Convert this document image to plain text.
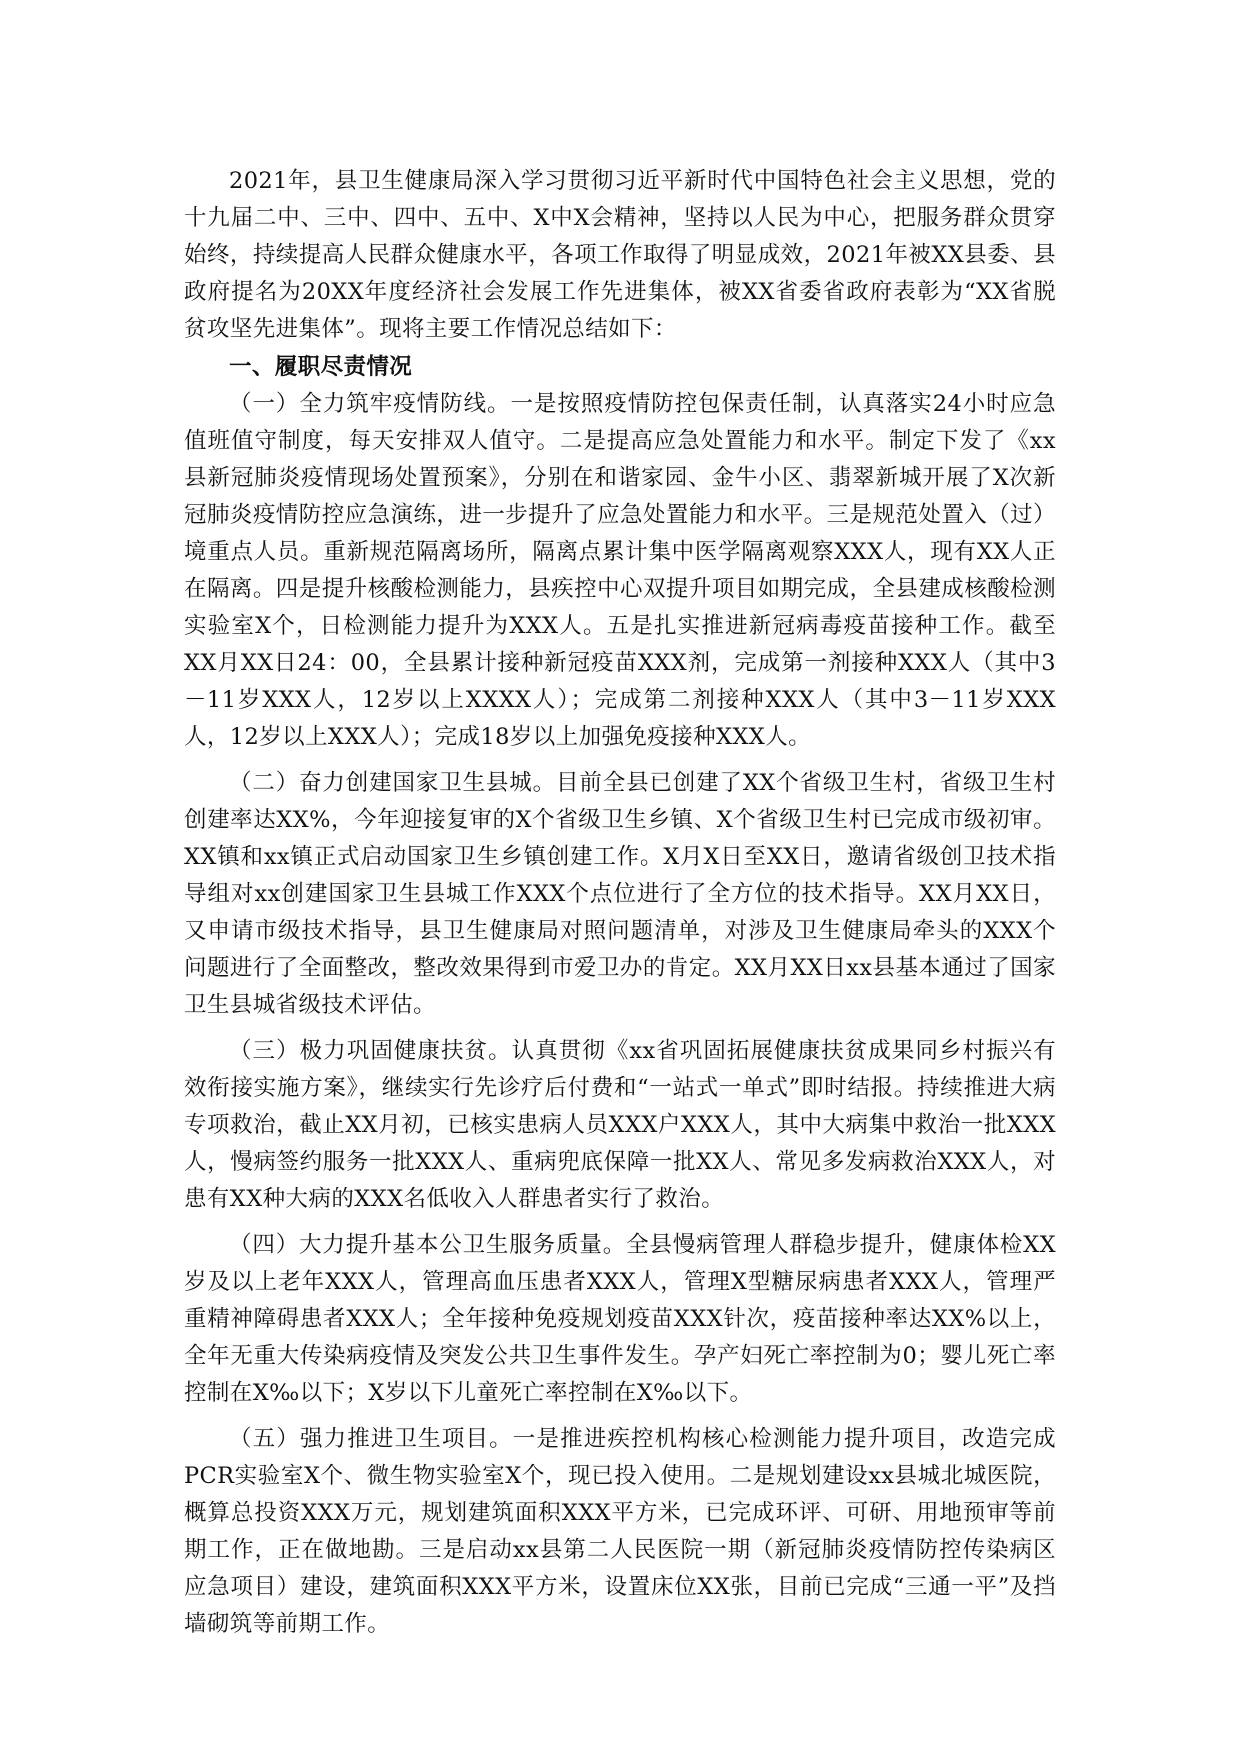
2021年，县卫生健康局深入学习贯彻习近平新时代中国特色社会主义思想，党的十九届二中、三中、四中、五中、X中X会精神，坚持以人民为中心，把服务群众贯穿始终，持续提高人民群众健康水平，各项工作取得了明显成效，2021年被XX县委、县政府提名为20XX年度经济社会发展工作先进集体，被XX省委省政府表彰为“XX省脱贫攻坚先进集体”。现将主要工作情况总结如下：

一、履职尽责情况

（一）全力筑牢疫情防线。一是按照疫情防控包保责任制，认真落实24小时应急值班值守制度，每天安排双人值守。二是提高应急处置能力和水平。制定下发了《xx县新冠肺炎疫情现场处置预案》，分别在和谐家园、金牛小区、翡翠新城开展了X次新冠肺炎疫情防控应急演练，进一步提升了应急处置能力和水平。三是规范处置入（过）境重点人员。重新规范隔离场所，隔离点累计集中医学隔离观察XXX人，现有XX人正在隔离。四是提升核酸检测能力，县疾控中心双提升项目如期完成，全县建成核酸检测实验室X个，日检测能力提升为XXX人。五是扎实推进新冠病毒疫苗接种工作。截至XX月XX日24：00，全县累计接种新冠疫苗XXX剂，完成第一剂接种XXX人（其中3－11岁XXX人，12岁以上XXXX人）；完成第二剂接种XXX人（其中3－11岁XXX人，12岁以上XXX人）；完成18岁以上加强免疫接种XXX人。

（二）奋力创建国家卫生县城。目前全县已创建了XX个省级卫生村，省级卫生村创建率达XX%，今年迎接复审的X个省级卫生乡镇、X个省级卫生村已完成市级初审。XX镇和xx镇正式启动国家卫生乡镇创建工作。X月X日至XX日，邀请省级创卫技术指导组对xx创建国家卫生县城工作XXX个点位进行了全方位的技术指导。XX月XX日，又申请市级技术指导，县卫生健康局对照问题清单，对涉及卫生健康局牵头的XXX个问题进行了全面整改，整改效果得到市爱卫办的肯定。XX月XX日xx县基本通过了国家卫生县城省级技术评估。

（三）极力巩固健康扶贫。认真贯彻《xx省巩固拓展健康扶贫成果同乡村振兴有效衔接实施方案》，继续实行先诊疗后付费和“一站式一单式”即时结报。持续推进大病专项救治，截止XX月初，已核实患病人员XXX户XXX人，其中大病集中救治一批XXX人，慢病签约服务一批XXX人、重病兜底保障一批XX人、常见多发病救治XXX人，对患有XX种大病的XXX名低收入人群患者实行了救治。

（四）大力提升基本公卫生服务质量。全县慢病管理人群稳步提升，健康体检XX岁及以上老年XXX人，管理高血压患者XXX人，管理X型糖尿病患者XXX人，管理严重精神障碍患者XXX人；全年接种免疫规划疫苗XXX针次，疫苗接种率达XX%以上，全年无重大传染病疫情及突发公共卫生事件发生。孕产妇死亡率控制为0；婴儿死亡率控制在X‰以下；X岁以下儿童死亡率控制在X‰以下。

（五）强力推进卫生项目。一是推进疾控机构核心检测能力提升项目，改造完成PCR实验室X个、微生物实验室X个，现已投入使用。二是规划建设xx县城北城医院，概算总投资XXX万元，规划建筑面积XXX平方米，已完成环评、可研、用地预审等前期工作，正在做地勘。三是启动xx县第二人民医院一期（新冠肺炎疫情防控传染病区应急项目）建设，建筑面积XXX平方米，设置床位XX张，目前已完成“三通一平”及挡墙砌筑等前期工作。
